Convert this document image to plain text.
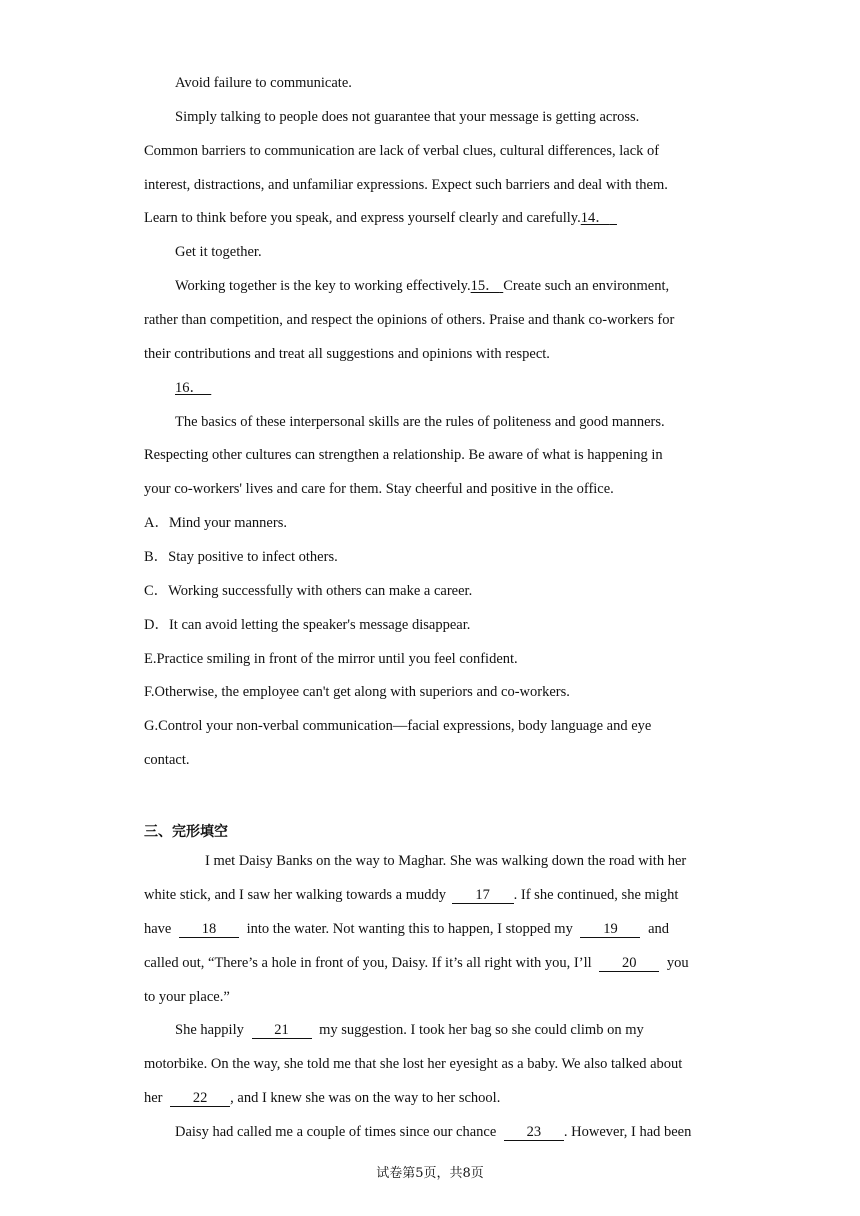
Avoid failure to communicate.
Simply talking to people does not guarantee that your message is getting across.
Common barriers to communication are lack of verbal clues, cultural differences, lack of
interest, distractions, and unfamiliar expressions. Expect such barriers and deal with them.
Learn to think before you speak, and express yourself clearly and carefully.14．
Get it together.
Working together is the key to working effectively.15． Create such an environment,
rather than competition, and respect the opinions of others. Praise and thank co-workers for
their contributions and treat all suggestions and opinions with respect.
16．
The basics of these interpersonal skills are the rules of politeness and good manners.
Respecting other cultures can strengthen a relationship. Be aware of what is happening in
your co-workers' lives and care for them. Stay cheerful and positive in the office.
A．Mind your manners.
B．Stay positive to infect others.
C．Working successfully with others can make a career.
D．It can avoid letting the speaker's message disappear.
E.Practice smiling in front of the mirror until you feel confident.
F.Otherwise, the employee can't get along with superiors and co-workers.
G.Control your non-verbal communication—facial expressions, body language and eye
contact.
三、完形填空
I met Daisy Banks on the way to Maghar. She was walking down the road with her
white stick, and I saw her walking towards a muddy 17 . If she continued, she might
have 18 into the water. Not wanting this to happen, I stopped my 19 and
called out, “There’s a hole in front of you, Daisy. If it’s all right with you, I’ll 20 you
to your place.”
She happily 21 my suggestion. I took her bag so she could climb on my
motorbike. On the way, she told me that she lost her eyesight as a baby. We also talked about
her 22 , and I knew she was on the way to her school.
Daisy had called me a couple of times since our chance 23 . However, I had been
试卷第5页，共8页
